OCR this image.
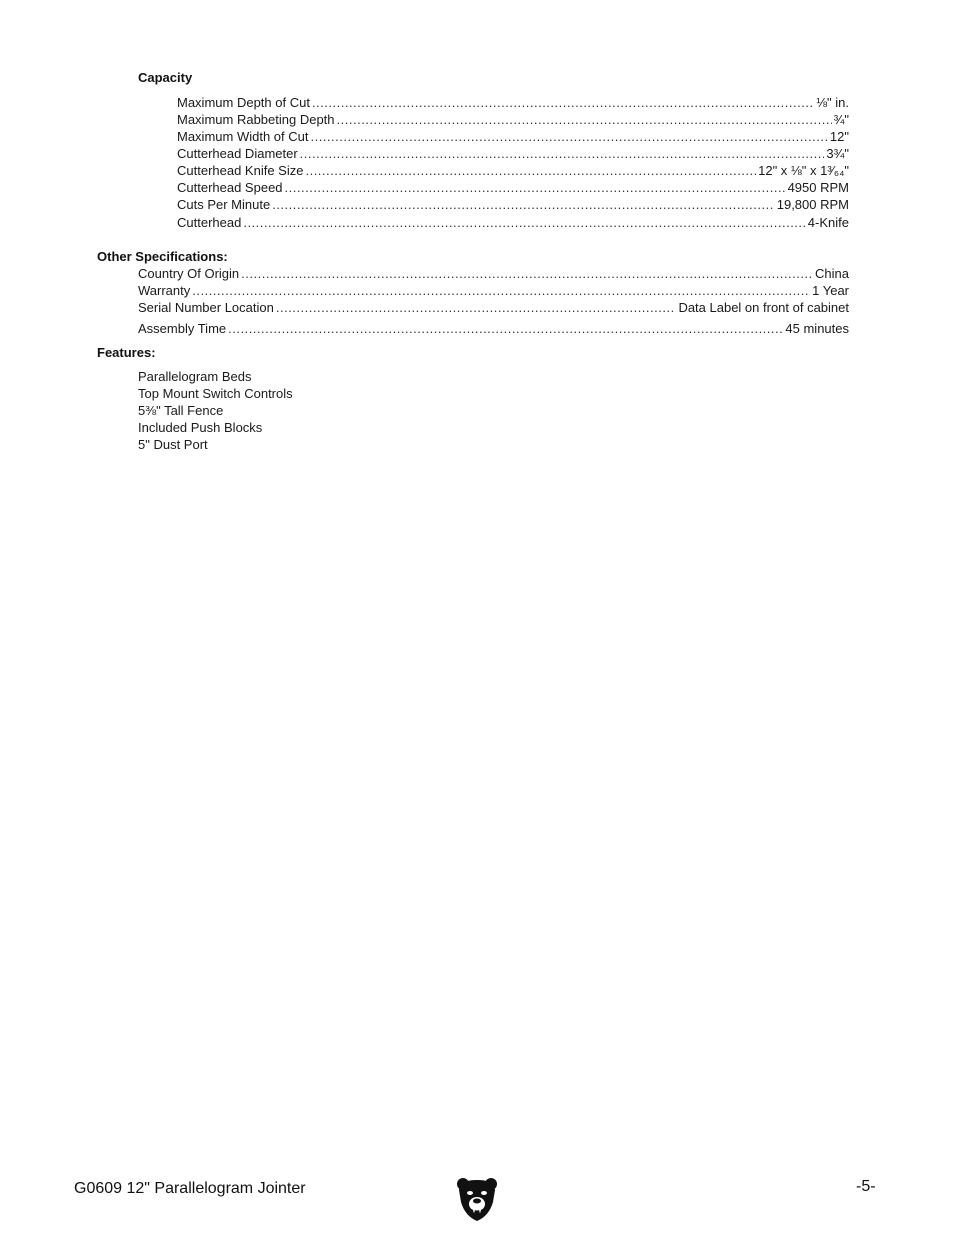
Capacity
Maximum Depth of Cut .....	⅛" in.
Maximum Rabbeting Depth .....	¾"
Maximum Width of Cut .....	12"
Cutterhead Diameter .....	3¾"
Cutterhead Knife Size .....	12" x ⅛" x 1³⁄₆₄"
Cutterhead Speed .....	4950 RPM
Cuts Per Minute .....	19,800 RPM
Cutterhead .....	4-Knife
Other Specifications:
Country Of Origin .....	China
Warranty .....	1 Year
Serial Number Location .....	Data Label on front of cabinet
Assembly Time .....	45 minutes
Features:
Parallelogram Beds
Top Mount Switch Controls
5⅜" Tall Fence
Included Push Blocks
5" Dust Port
G0609 12" Parallelogram Jointer	-5-
